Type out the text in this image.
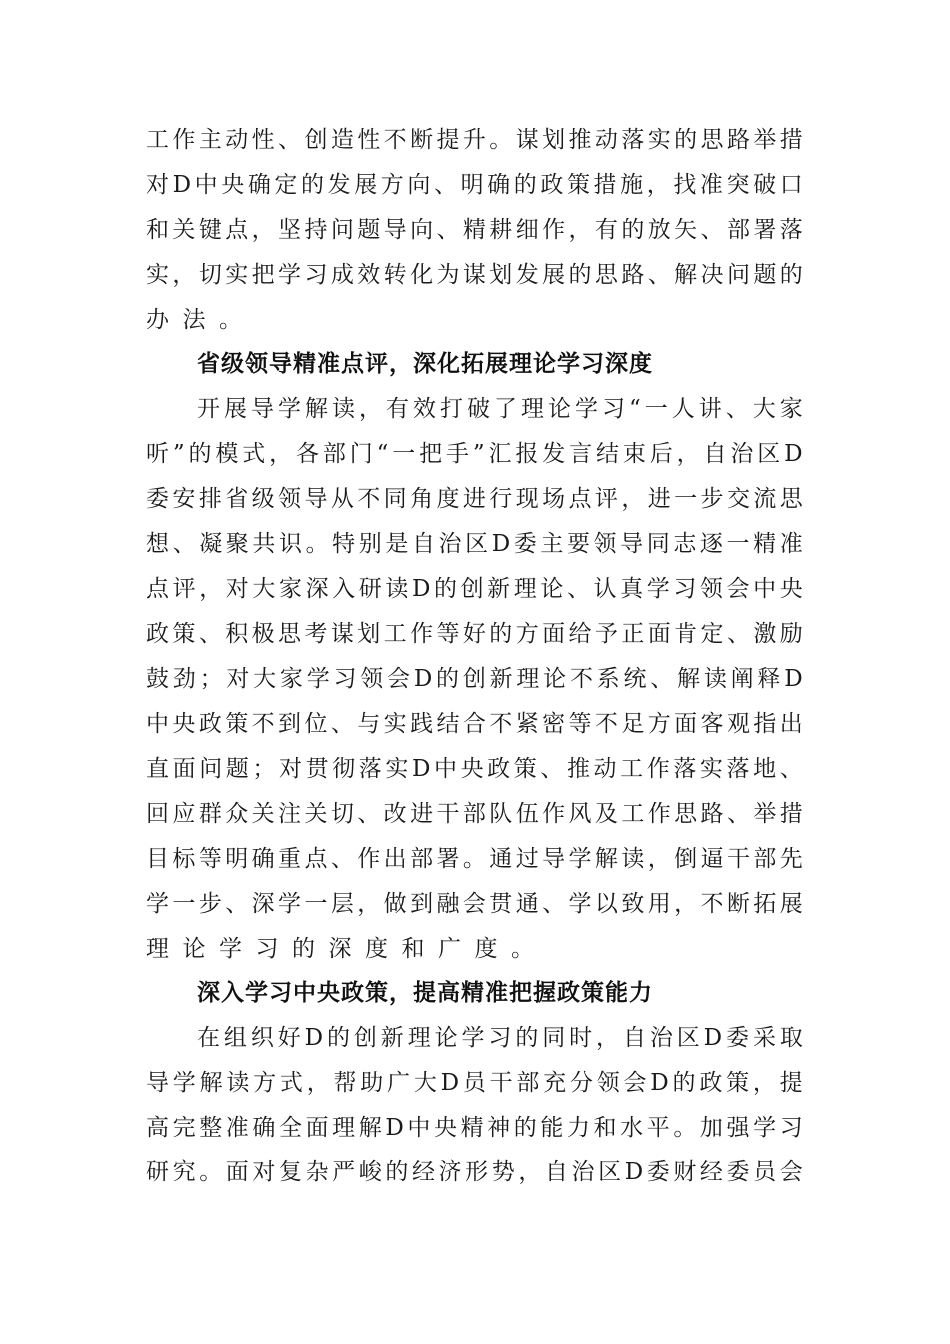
工 作 主 动 性 、 创 造 性 不 断 提 升 。 谋 划 推 动 落 实 的 思 路 举 措
对 D 中 央 确 定 的 发 展 方 向 、 明 确 的 政 策 措 施 ， 找 准 突 破 口
和 关 键 点 ， 坚 持 问 题 导 向 、 精 耕 细 作 ， 有 的 放 矢 、 部 署 落
实 ， 切 实 把 学 习 成 效 转 化 为 谋 划 发 展 的 思 路 、 解 决 问 题 的
办 法 。
省级领导精准点评，深化拓展理论学习深度
开 展 导 学 解 读 ， 有 效 打 破 了 理 论 学 习 “ 一 人 讲 、 大 家
听 ” 的 模 式 ， 各 部 门 “ 一 把 手 ” 汇 报 发 言 结 束 后 ， 自 治 区 D
委 安 排 省 级 领 导 从 不 同 角 度 进 行 现 场 点 评 ， 进 一 步 交 流 思
想 、 凝 聚 共 识 。 特 别 是 自 治 区 D 委 主 要 领 导 同 志 逐 一 精 准
点 评 ， 对 大 家 深 入 研 读 D 的 创 新 理 论 、 认 真 学 习 领 会 中 央
政 策 、 积 极 思 考 谋 划 工 作 等 好 的 方 面 给 予 正 面 肯 定 、 激 励
鼓 劲 ； 对 大 家 学 习 领 会 D 的 创 新 理 论 不 系 统 、 解 读 阐 释 D
中 央 政 策 不 到 位 、 与 实 践 结 合 不 紧 密 等 不 足 方 面 客 观 指 出
直 面 问 题 ； 对 贯 彻 落 实 D 中 央 政 策 、 推 动 工 作 落 实 落 地 、
回 应 群 众 关 注 关 切 、 改 进 干 部 队 伍 作 风 及 工 作 思 路 、 举 措
目 标 等 明 确 重 点 、 作 出 部 署 。 通 过 导 学 解 读 ， 倒 逼 干 部 先
学 一 步 、 深 学 一 层 ， 做 到 融 会 贯 通 、 学 以 致 用 ， 不 断 拓 展
理 论 学 习 的 深 度 和 广 度 。
深入学习中央政策，提高精准把握政策能力
在 组 织 好 D 的 创 新 理 论 学 习 的 同 时 ， 自 治 区 D 委 采 取
导 学 解 读 方 式 ， 帮 助 广 大 D 员 干 部 充 分 领 会 D 的 政 策 ， 提
高 完 整 准 确 全 面 理 解 D 中 央 精 神 的 能 力 和 水 平 。 加 强 学 习
研 究 。 面 对 复 杂 严 峻 的 经 济 形 势 ， 自 治 区 D 委 财 经 委 员 会
